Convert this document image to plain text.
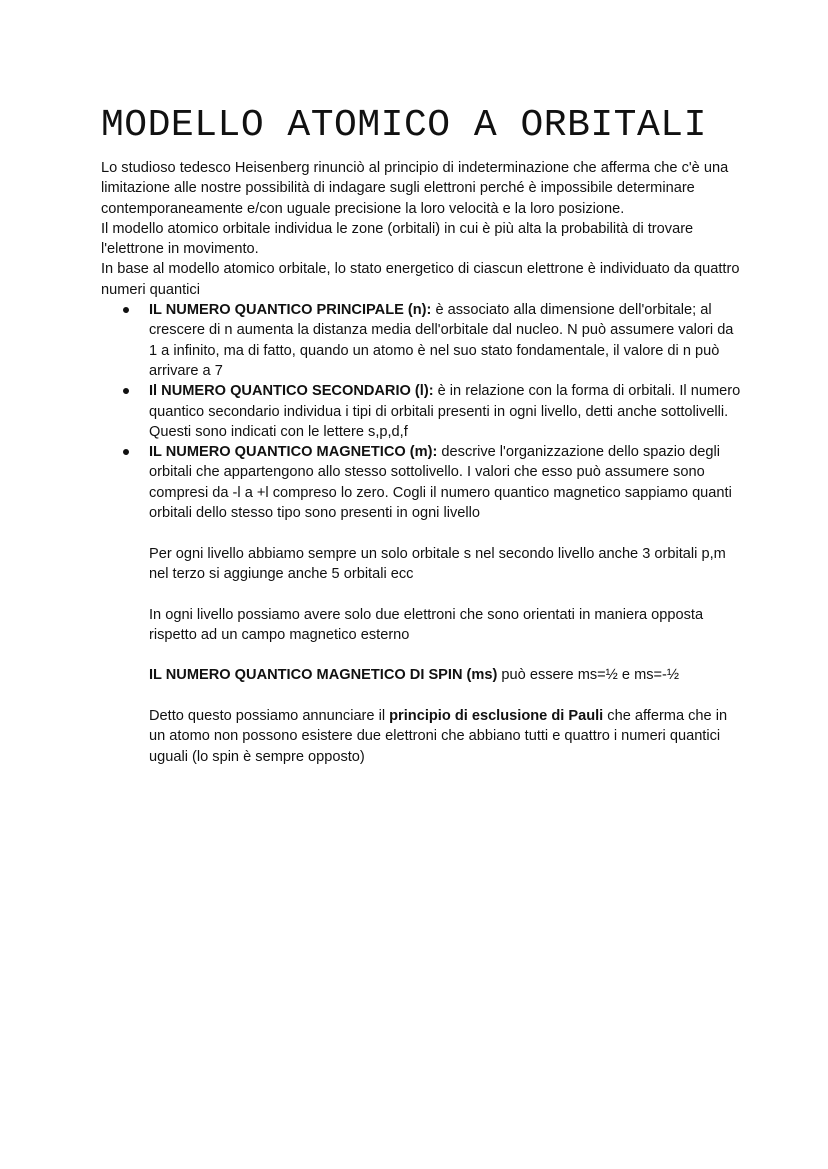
MODELLO ATOMICO A ORBITALI

Lo studioso tedesco Heisenberg rinunciò al principio di indeterminazione che afferma che c'è una limitazione alle nostre possibilità di indagare sugli elettroni perché è impossibile determinare contemporaneamente e/con uguale precisione la loro velocità e la loro posizione.

Il modello atomico orbitale individua le zone (orbitali) in cui è più alta la probabilità di trovare l'elettrone in movimento.

In base al modello atomico orbitale, lo stato energetico di ciascun elettrone è individuato da quattro numeri quantici

IL NUMERO QUANTICO PRINCIPALE (n): è associato alla dimensione dell'orbitale; al crescere di n aumenta la distanza media dell'orbitale dal nucleo. N può assumere valori da 1 a infinito, ma di fatto, quando un atomo è nel suo stato fondamentale, il valore di n può arrivare a 7
Il NUMERO QUANTICO SECONDARIO (l): è in relazione con la forma di orbitali. Il numero quantico secondario individua i tipi di orbitali presenti in ogni livello, detti anche sottolivelli. Questi sono indicati con le lettere s,p,d,f
IL NUMERO QUANTICO MAGNETICO (m): descrive l'organizzazione dello spazio degli orbitali che appartengono allo stesso sottolivello. I valori che esso può assumere sono compresi da -l a +l compreso lo zero. Cogli il numero quantico magnetico sappiamo quanti orbitali dello stesso tipo sono presenti in ogni livello

Per ogni livello abbiamo sempre un solo orbitale s nel secondo livello anche 3 orbitali p,m nel terzo si aggiunge anche 5 orbitali ecc

In ogni livello possiamo avere solo due elettroni che sono orientati in maniera opposta rispetto ad un campo magnetico esterno

IL NUMERO QUANTICO MAGNETICO DI SPIN (ms) può essere ms=½ e ms=-½

Detto questo possiamo annunciare il principio di esclusione di Pauli che afferma che in un atomo non possono esistere due elettroni che abbiano tutti e quattro i numeri quantici uguali (lo spin è sempre opposto)
